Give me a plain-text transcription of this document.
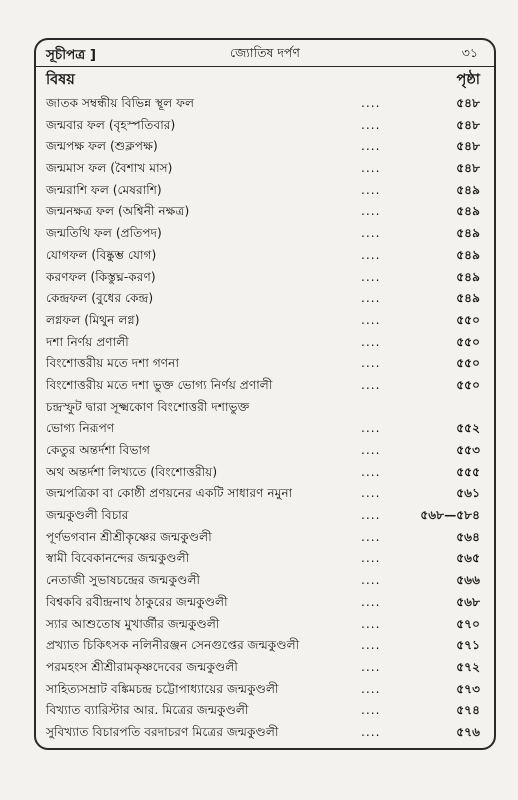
সূচীপত্র ]	জ্যোতিষ দর্পণ	৩১
বিষয়	পৃষ্ঠা
জাতক সম্বন্ধীয় বিভিন্ন স্থূল ফল	....	৫৪৮
জন্মবার ফল (বৃহস্পতিবার)	....	৫৪৮
জন্মপক্ষ ফল (শুক্লপক্ষ)	....	৫৪৮
জন্মমাস ফল (বৈশাখ মাস)	....	৫৪৮
জন্মরাশি ফল (মেষরাশি)	....	৫৪৯
জন্মনক্ষত্র ফল (অশ্বিনী নক্ষত্র)	....	৫৪৯
জন্মতিথি ফল (প্রতিপদ)	....	৫৪৯
যোগফল (বিষ্কুম্ভ যোগ)	....	৫৪৯
করণফল (কিস্তুঘ্ন-করণ)	....	৫৪৯
কেন্দ্রফল (বুধের কেন্দ্র)	....	৫৪৯
লগ্নফল (মিথুন লগ্ন)	....	৫৫০
দশা নির্ণয় প্রণালী	....	৫৫০
বিংশোত্তরীয় মতে দশা গণনা	....	৫৫০
বিংশোত্তরীয় মতে দশা ভুক্ত ভোগ্য নির্ণয় প্রণালী	....	৫৫০
চন্দ্রস্ফুট দ্বারা সূক্ষ্মকোণ বিংশোত্তরী দশাভুক্ত
ভোগ্য নিরূপণ	....	৫৫২
কেতুর অন্তর্দশা বিভাগ	....	৫৫৩
অথ অন্তর্দশা লিখ্যতে (বিংশোত্তরীয়)	....	৫৫৫
জন্মপত্রিকা বা কোষ্ঠী প্রণয়নের একটি সাধারণ নমুনা	....	৫৬১
জন্মকুণ্ডলী বিচার	....	৫৬৮—৫৮৪
পূর্ণভগবান শ্রীশ্রীকৃষ্ণের জন্মকুণ্ডলী	....	৫৬৪
স্বামী বিবেকানন্দের জন্মকুণ্ডলী	....	৫৬৫
নেতাজী সুভাষচন্দ্রের জন্মকুণ্ডলী	....	৫৬৬
বিশ্বকবি রবীন্দ্রনাথ ঠাকুরের জন্মকুণ্ডলী	....	৫৬৮
স্যার আশুতোষ মুখার্জীর জন্মকুণ্ডলী	....	৫৭০
প্রখ্যাত চিকিৎসক নলিনীরঞ্জন সেনগুপ্তের জন্মকুণ্ডলী	....	৫৭১
পরমহংস শ্রীশ্রীরামকৃষ্ণদেবের জন্মকুণ্ডলী	....	৫৭২
সাহিত্যসম্রাট বঙ্কিমচন্দ্র চট্টোপাধ্যায়ের জন্মকুণ্ডলী	....	৫৭৩
বিখ্যাত ব্যারিস্টার আর. মিত্রের জন্মকুণ্ডলী	....	৫৭৪
সুবিখ্যাত বিচারপতি বরদাচরণ মিত্রের জন্মকুণ্ডলী	....	৫৭৬
